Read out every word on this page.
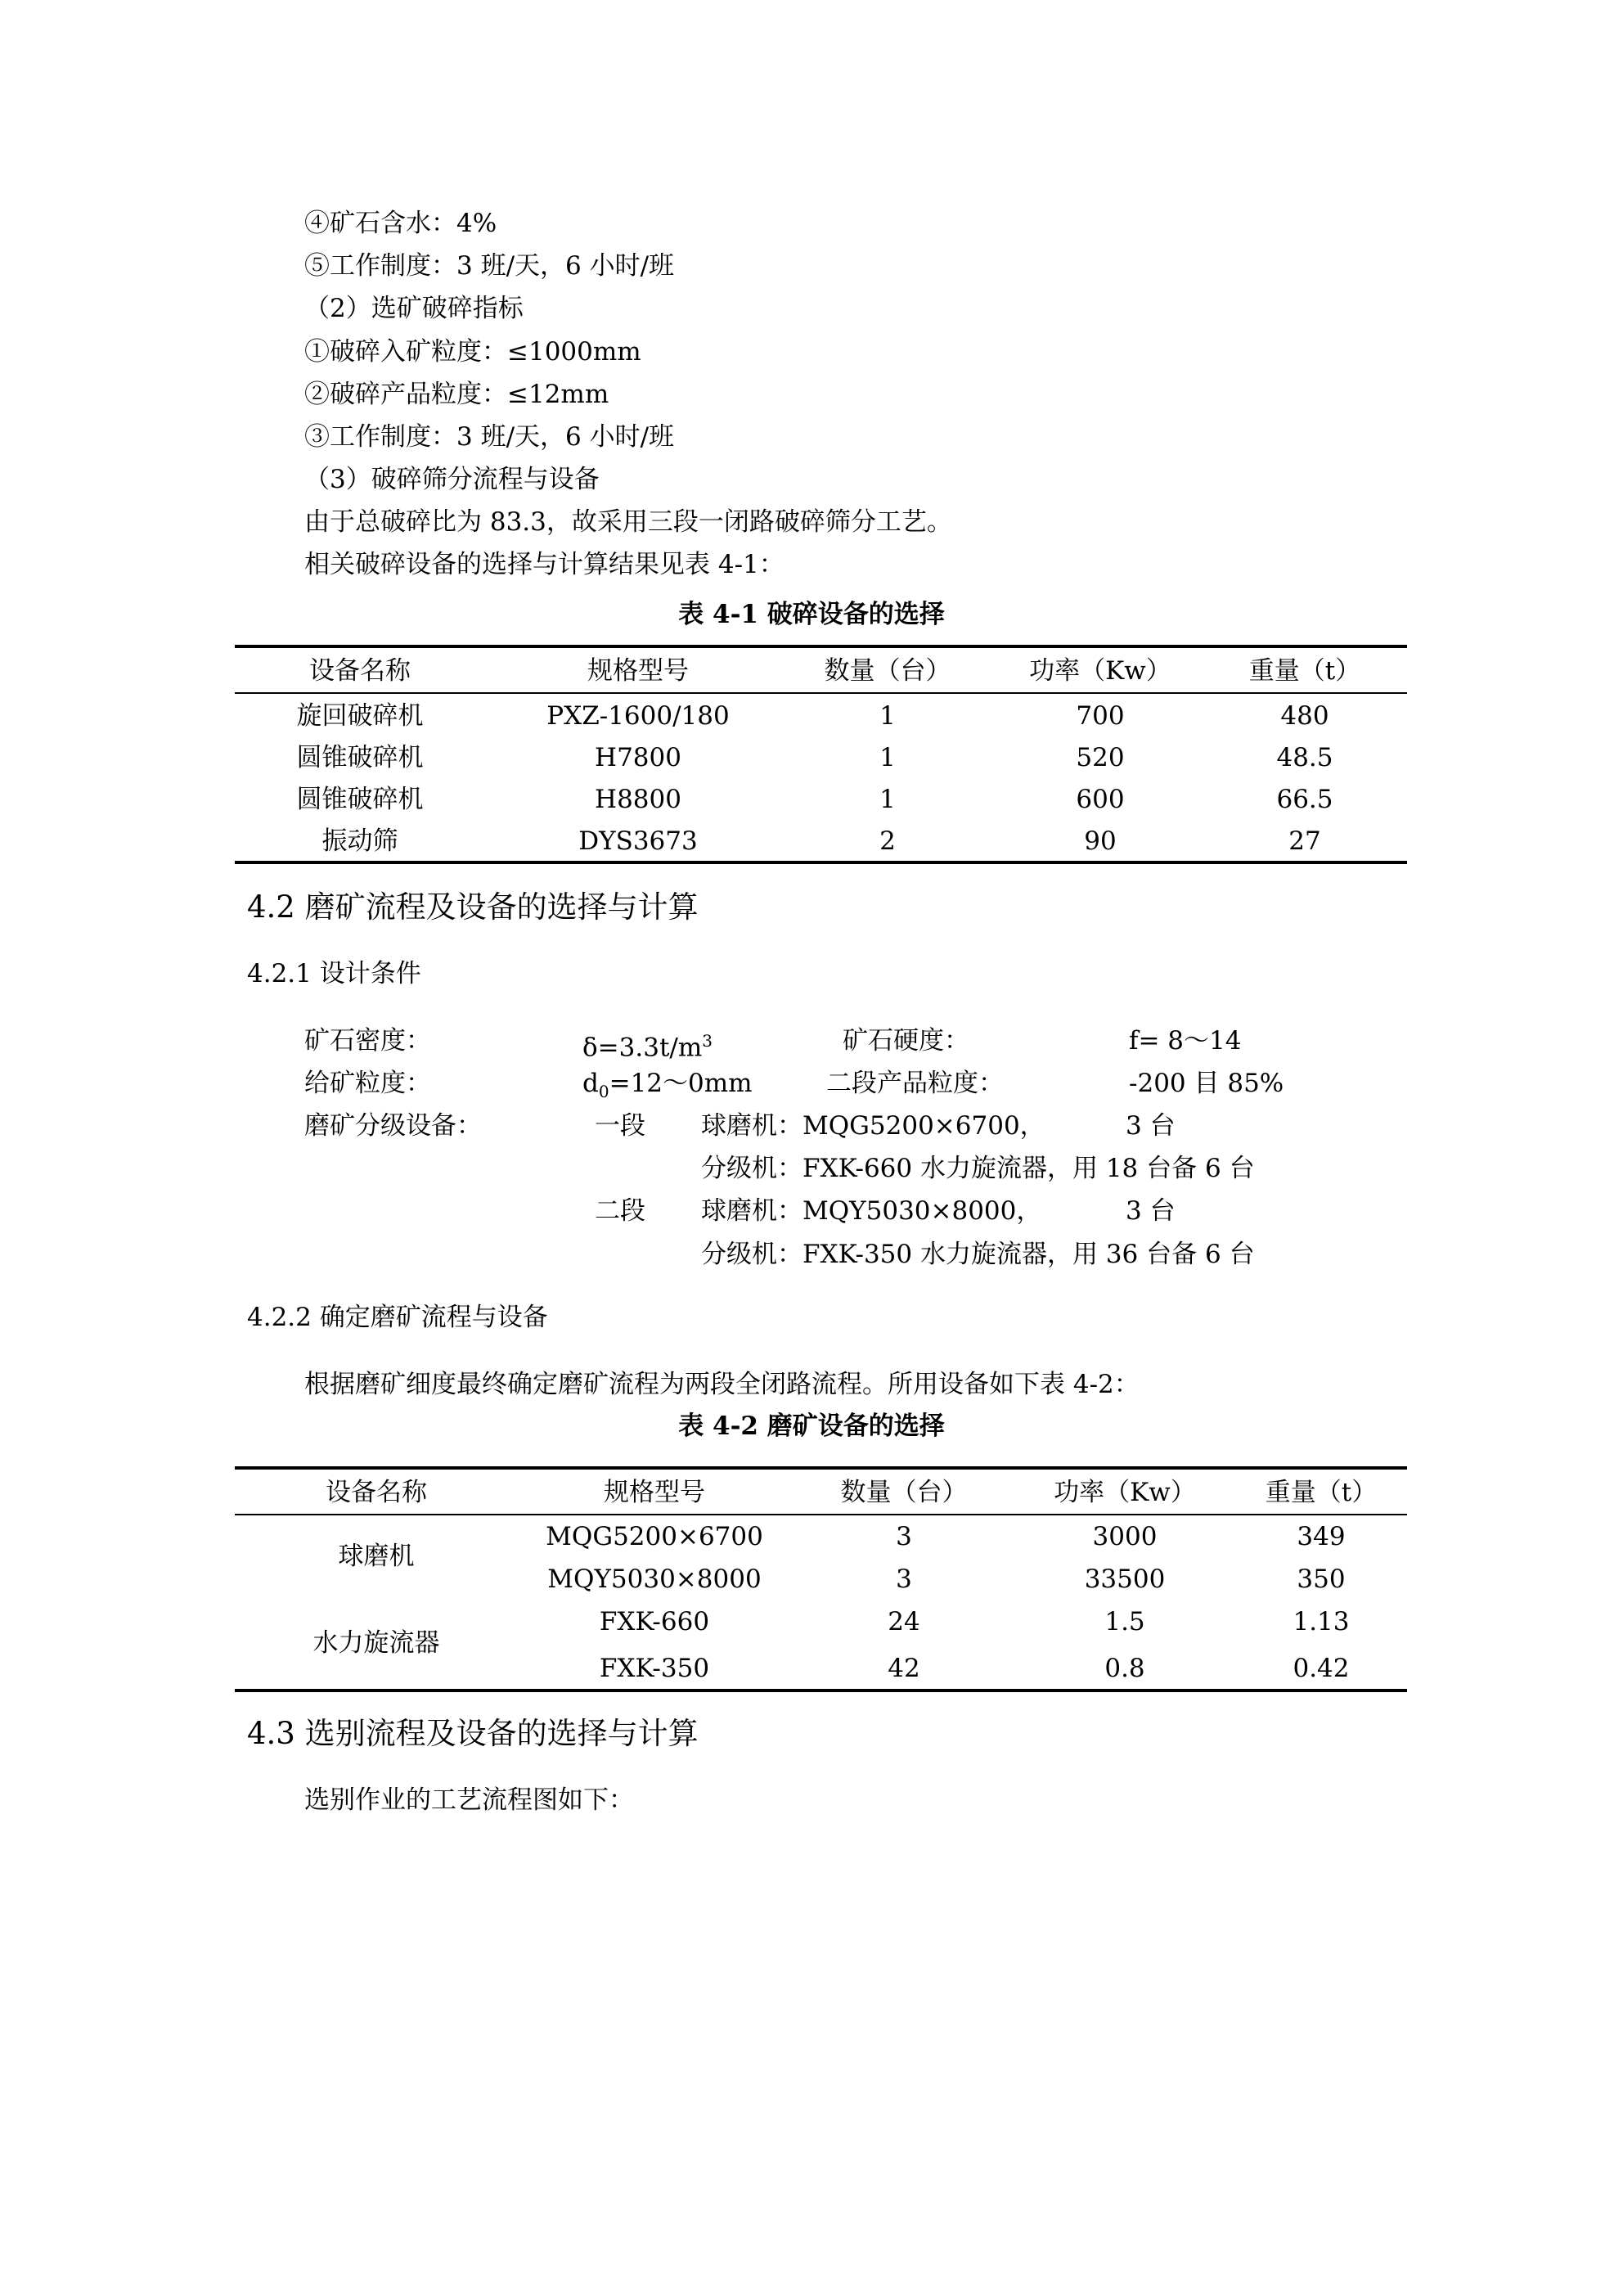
④矿石含水：4%
⑤工作制度：3 班/天，6 小时/班
（2）选矿破碎指标
①破碎入矿粒度：≤1000mm
②破碎产品粒度：≤12mm
③工作制度：3 班/天，6 小时/班
（3）破碎筛分流程与设备
由于总破碎比为 83.3，故采用三段一闭路破碎筛分工艺。
相关破碎设备的选择与计算结果见表 4-1：
表 4-1 破碎设备的选择
设备名称	规格型号	数量（台）	功率（Kw）	重量（t）
旋回破碎机	PXZ-1600/180	1	700	480
圆锥破碎机	H7800	1	520	48.5
圆锥破碎机	H8800	1	600	66.5
振动筛	DYS3673	2	90	27
4.2 磨矿流程及设备的选择与计算
4.2.1 设计条件
矿石密度：	$\delta=3.3t/m^3$	矿石硬度：	f= 8～14
给矿粒度：	$d_0=12\sim 0mm$	二段产品粒度：	-200 目 85%
磨矿分级设备：	一段 球磨机：MQG5200×6700，	3 台
分级机：FXK-660 水力旋流器，用 18 台备 6 台
二段 球磨机：MQY5030×8000，	3 台
分级机：FXK-350 水力旋流器，用 36 台备 6 台
4.2.2 确定磨矿流程与设备
根据磨矿细度最终确定磨矿流程为两段全闭路流程。所用设备如下表 4-2：
表 4-2 磨矿设备的选择
设备名称	规格型号	数量（台）	功率（Kw）	重量（t）
球磨机
MQG5200×6700	3	3000	349
MQY5030×8000	3	33500	350
水力旋流器
FXK-660	24	1.5	1.13
FXK-350	42	0.8	0.42
4.3 选别流程及设备的选择与计算
选别作业的工艺流程图如下：
